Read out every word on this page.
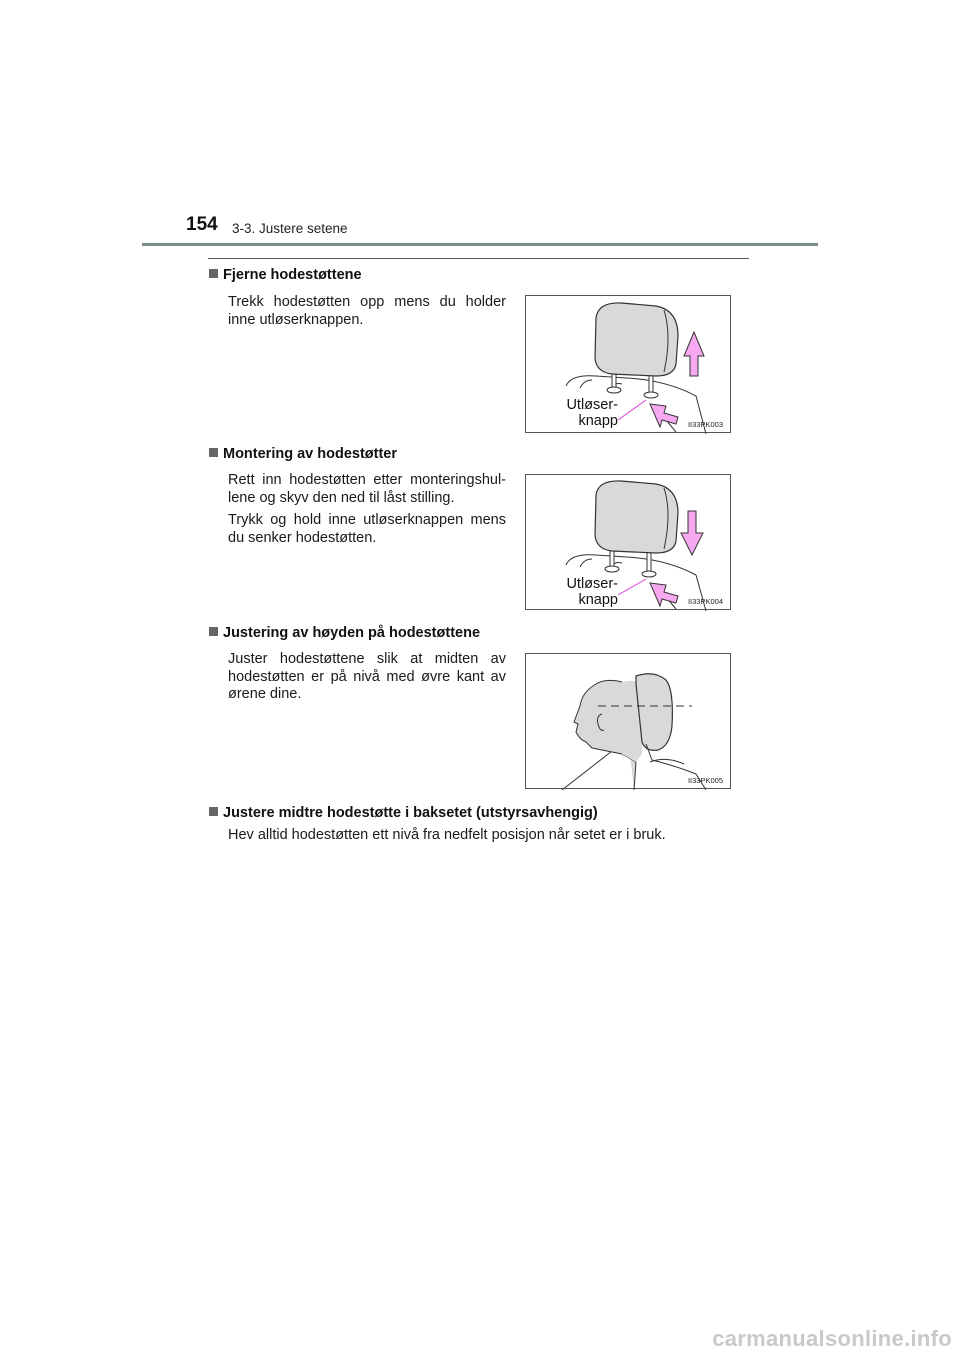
154 3-3. Justere setene
Fjerne hodestøttene
Trekk hodestøtten opp mens du holder inne utløserknappen.
Utløser-
knapp	II33PK003
Montering av hodestøtter
Rett inn hodestøtten etter monteringshul-lene og skyv den ned til låst stilling.
Trykk og hold inne utløserknappen mens du senker hodestøtten.
Utløser-
knapp	II33PK004
Justering av høyden på hodestøttene
Juster hodestøttene slik at midten av hodestøtten er på nivå med øvre kant av ørene dine.
II33PK005
Justere midtre hodestøtte i baksetet (utstyrsavhengig)
Hev alltid hodestøtten ett nivå fra nedfelt posisjon når setet er i bruk.
carmanualsonline.info
